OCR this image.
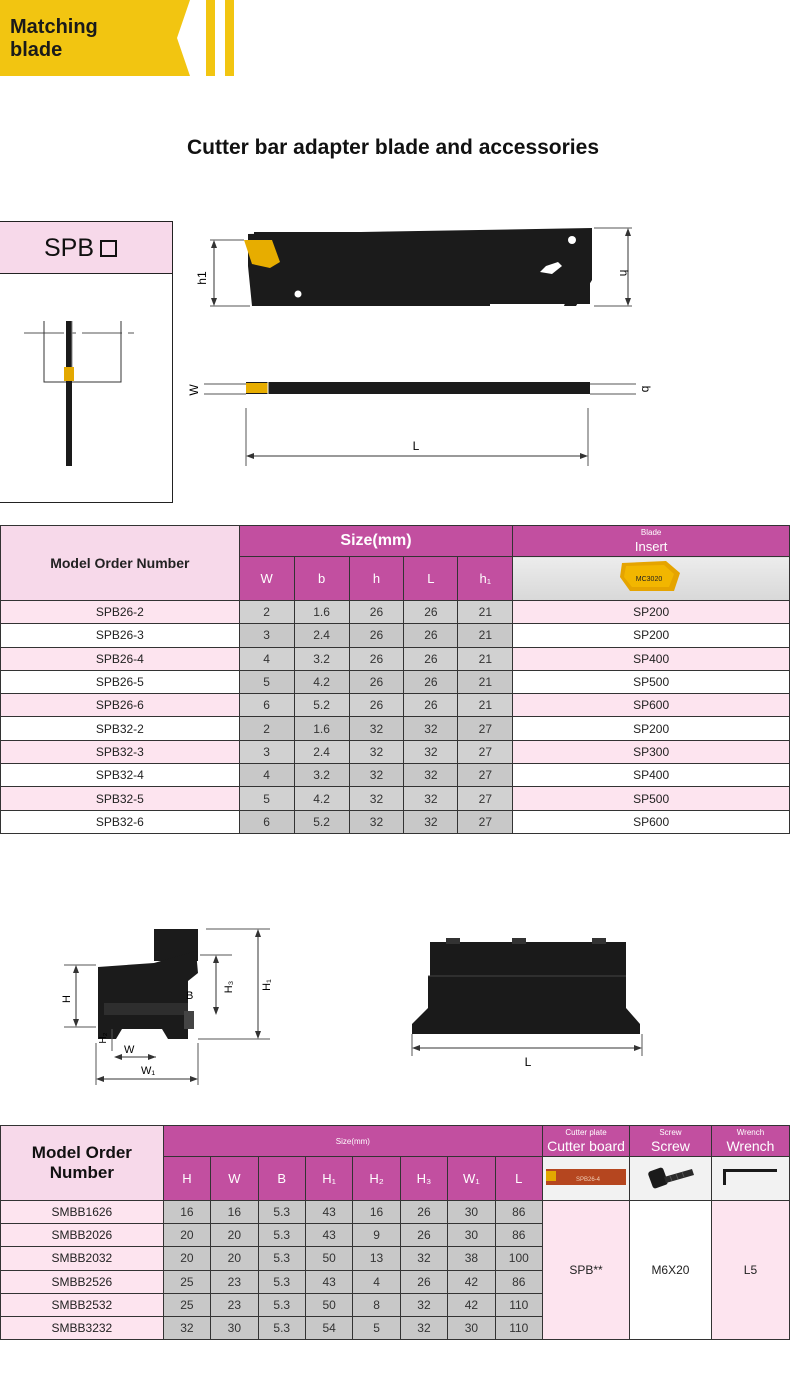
Matching
blade
Cutter bar adapter blade and accessories
SPB
h1	h
W	b
L
Model Order Number	Size(mm)					Blade
Insert

	W	b	h	L	h₁	MC3020

SPB26-2	2	1.6	26	26	21	SP200
SPB26-3	3	2.4	26	26	21	SP200
SPB26-4	4	3.2	26	26	21	SP400
SPB26-5	5	4.2	26	26	21	SP500
SPB26-6	6	5.2	26	26	21	SP600
SPB32-2	2	1.6	32	32	27	SP200
SPB32-3	3	2.4	32	32	27	SP300
SPB32-4	4	3.2	32	32	27	SP400
SPB32-5	5	4.2	32	32	27	SP500
SPB32-6	6	5.2	32	32	27	SP600
B
H
H₂
W
W₁
H₃ H₁
L
Model Order
Number	Size(mm)								Cutter plate
Cutter board	Screw
Screw	Wrench
Wrench

	H	W	B	H₁	H₂	H₃	W₁	L	SPB26-4

SMBB1626	16	16	5.3	43	16	26	30	86	SPB**	M6X20	L5
SMBB2026	20	20	5.3	43	9	26	30	86			
SMBB2032	20	20	5.3	50	13	32	38	100			
SMBB2526	25	23	5.3	43	4	26	42	86			
SMBB2532	25	23	5.3	50	8	32	42	110			
SMBB3232	32	30	5.3	54	5	32	30	110			
